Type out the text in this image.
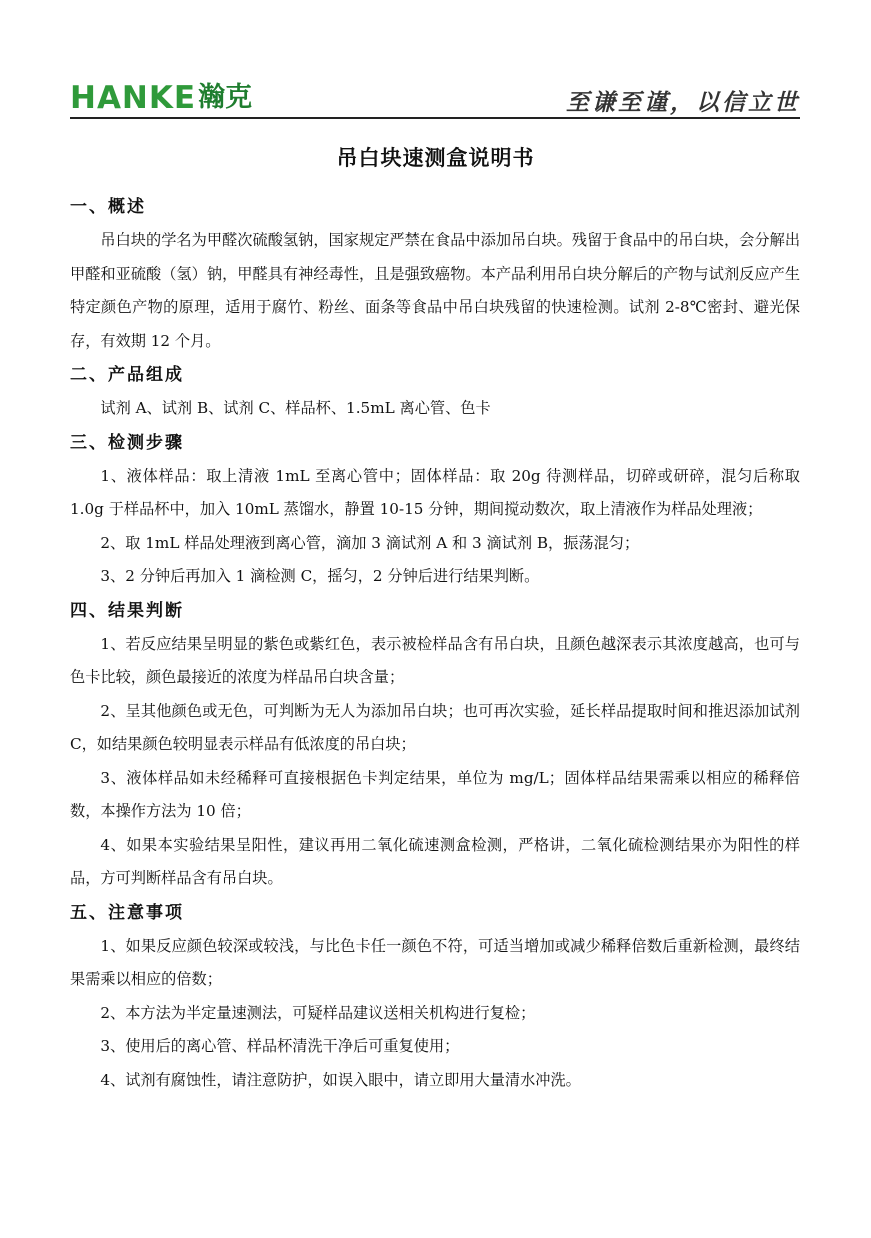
HANKE 瀚克	至谦至谨，以信立世
吊白块速测盒说明书
一、概述

吊白块的学名为甲醛次硫酸氢钠，国家规定严禁在食品中添加吊白块。残留于食品中的吊白块，会分解出甲醛和亚硫酸（氢）钠，甲醛具有神经毒性，且是强致癌物。本产品利用吊白块分解后的产物与试剂反应产生特定颜色产物的原理，适用于腐竹、粉丝、面条等食品中吊白块残留的快速检测。试剂 2-8℃密封、避光保存，有效期 12 个月。

二、产品组成

试剂 A、试剂 B、试剂 C、样品杯、1.5mL 离心管、色卡

三、检测步骤

1、液体样品：取上清液 1mL 至离心管中；固体样品：取 20g 待测样品，切碎或研碎，混匀后称取 1.0g 于样品杯中，加入 10mL 蒸馏水，静置 10-15 分钟，期间搅动数次，取上清液作为样品处理液；

2、取 1mL 样品处理液到离心管，滴加 3 滴试剂 A 和 3 滴试剂 B，振荡混匀；

3、2 分钟后再加入 1 滴检测 C，摇匀，2 分钟后进行结果判断。

四、结果判断

1、若反应结果呈明显的紫色或紫红色，表示被检样品含有吊白块，且颜色越深表示其浓度越高，也可与色卡比较，颜色最接近的浓度为样品吊白块含量；

2、呈其他颜色或无色，可判断为无人为添加吊白块；也可再次实验，延长样品提取时间和推迟添加试剂 C，如结果颜色较明显表示样品有低浓度的吊白块；

3、液体样品如未经稀释可直接根据色卡判定结果，单位为 mg/L；固体样品结果需乘以相应的稀释倍数，本操作方法为 10 倍；

4、如果本实验结果呈阳性，建议再用二氧化硫速测盒检测，严格讲，二氧化硫检测结果亦为阳性的样品，方可判断样品含有吊白块。

五、注意事项

1、如果反应颜色较深或较浅，与比色卡任一颜色不符，可适当增加或减少稀释倍数后重新检测，最终结果需乘以相应的倍数；

2、本方法为半定量速测法，可疑样品建议送相关机构进行复检；

3、使用后的离心管、样品杯清洗干净后可重复使用；

4、试剂有腐蚀性，请注意防护，如误入眼中，请立即用大量清水冲洗。
